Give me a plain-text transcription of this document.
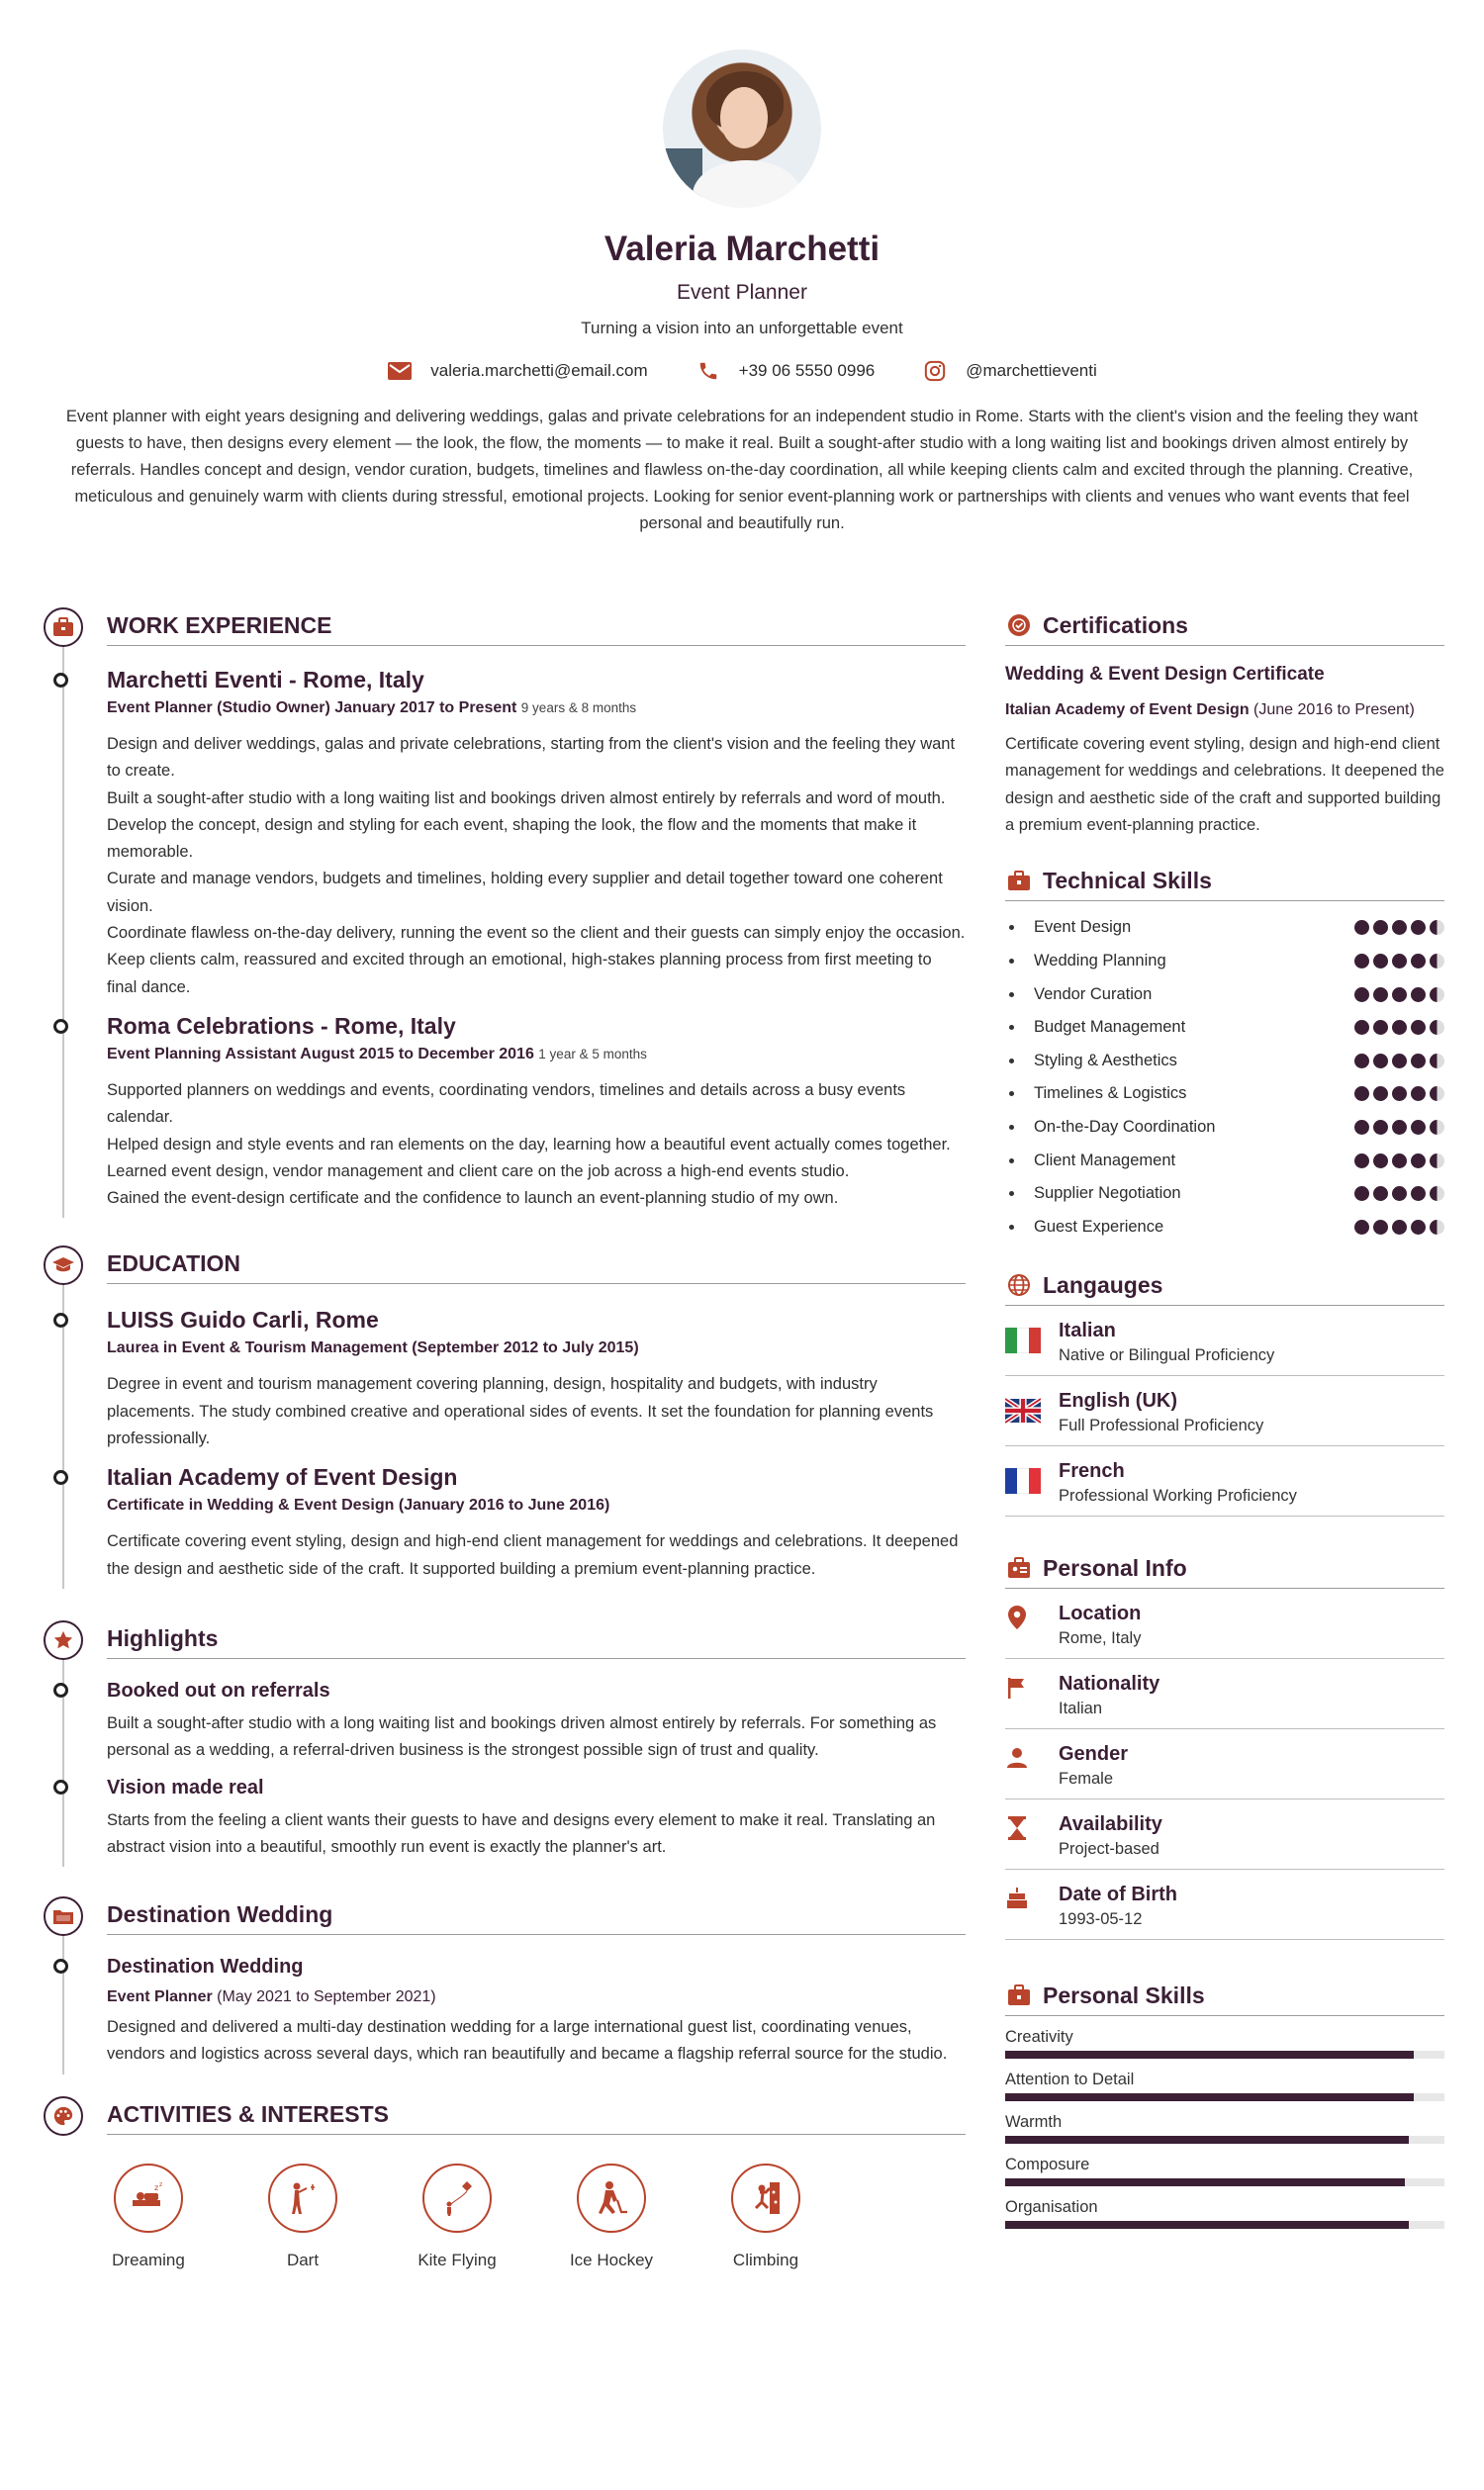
Valeria Marchetti
Event Planner
Turning a vision into an unforgettable event
valeria.marchetti@email.com	+39 06 5550 0996	@marchettieventi
Event planner with eight years designing and delivering weddings, galas and private celebrations for an independent studio in Rome. Starts with the client's vision and the feeling they want guests to have, then designs every element — the look, the flow, the moments — to make it real. Built a sought-after studio with a long waiting list and bookings driven almost entirely by referrals. Handles concept and design, vendor curation, budgets, timelines and flawless on-the-day coordination, all while keeping clients calm and excited through the planning. Creative, meticulous and genuinely warm with clients during stressful, emotional projects. Looking for senior event-planning work or partnerships with clients and venues who want events that feel personal and beautifully run.
WORK EXPERIENCE
Marchetti Eventi - Rome, Italy
Event Planner (Studio Owner) January 2017 to Present 9 years & 8 months

Design and deliver weddings, galas and private celebrations, starting from the client's vision and the feeling they want to create.

Built a sought-after studio with a long waiting list and bookings driven almost entirely by referrals and word of mouth.

Develop the concept, design and styling for each event, shaping the look, the flow and the moments that make it memorable.

Curate and manage vendors, budgets and timelines, holding every supplier and detail together toward one coherent vision.

Coordinate flawless on-the-day delivery, running the event so the client and their guests can simply enjoy the occasion.

Keep clients calm, reassured and excited through an emotional, high-stakes planning process from first meeting to final dance.

Roma Celebrations - Rome, Italy
Event Planning Assistant August 2015 to December 2016 1 year & 5 months

Supported planners on weddings and events, coordinating vendors, timelines and details across a busy events calendar.

Helped design and style events and ran elements on the day, learning how a beautiful event actually comes together.

Learned event design, vendor management and client care on the job across a high-end events studio.

Gained the event-design certificate and the confidence to launch an event-planning studio of my own.

EDUCATION
LUISS Guido Carli, Rome
Laurea in Event & Tourism Management (September 2012 to July 2015)
Degree in event and tourism management covering planning, design, hospitality and budgets, with industry placements. The study combined creative and operational sides of events. It set the foundation for planning events professionally.
Italian Academy of Event Design
Certificate in Wedding & Event Design (January 2016 to June 2016)
Certificate covering event styling, design and high-end client management for weddings and celebrations. It deepened the design and aesthetic side of the craft. It supported building a premium event-planning practice.
Highlights
Booked out on referrals
Built a sought-after studio with a long waiting list and bookings driven almost entirely by referrals. For something as personal as a wedding, a referral-driven business is the strongest possible sign of trust and quality.
Vision made real
Starts from the feeling a client wants their guests to have and designs every element to make it real. Translating an abstract vision into a beautiful, smoothly run event is exactly the planner's art.
Destination Wedding
Destination Wedding
Event Planner (May 2021 to September 2021)
Designed and delivered a multi-day destination wedding for a large international guest list, coordinating venues, vendors and logistics across several days, which ran beautifully and became a flagship referral source for the studio.
ACTIVITIES & INTERESTS
z z
Dreaming	Dart	Kite Flying	Ice Hockey	Climbing
Certifications
Wedding & Event Design Certificate
Italian Academy of Event Design (June 2016 to Present)
Certificate covering event styling, design and high-end client management for weddings and celebrations. It deepened the design and aesthetic side of the craft and supported building a premium event-planning practice.
Technical Skills
Event Design
Wedding Planning
Vendor Curation
Budget Management
Styling & Aesthetics
Timelines & Logistics
On-the-Day Coordination
Client Management
Supplier Negotiation
Guest Experience
Langauges
Italian
Native or Bilingual Proficiency
English (UK)
Full Professional Proficiency
French
Professional Working Proficiency
Personal Info
Location
Rome, Italy
Nationality
Italian
Gender
Female
Availability
Project-based
Date of Birth
1993-05-12
Personal Skills
Creativity
Attention to Detail
Warmth
Composure
Organisation
